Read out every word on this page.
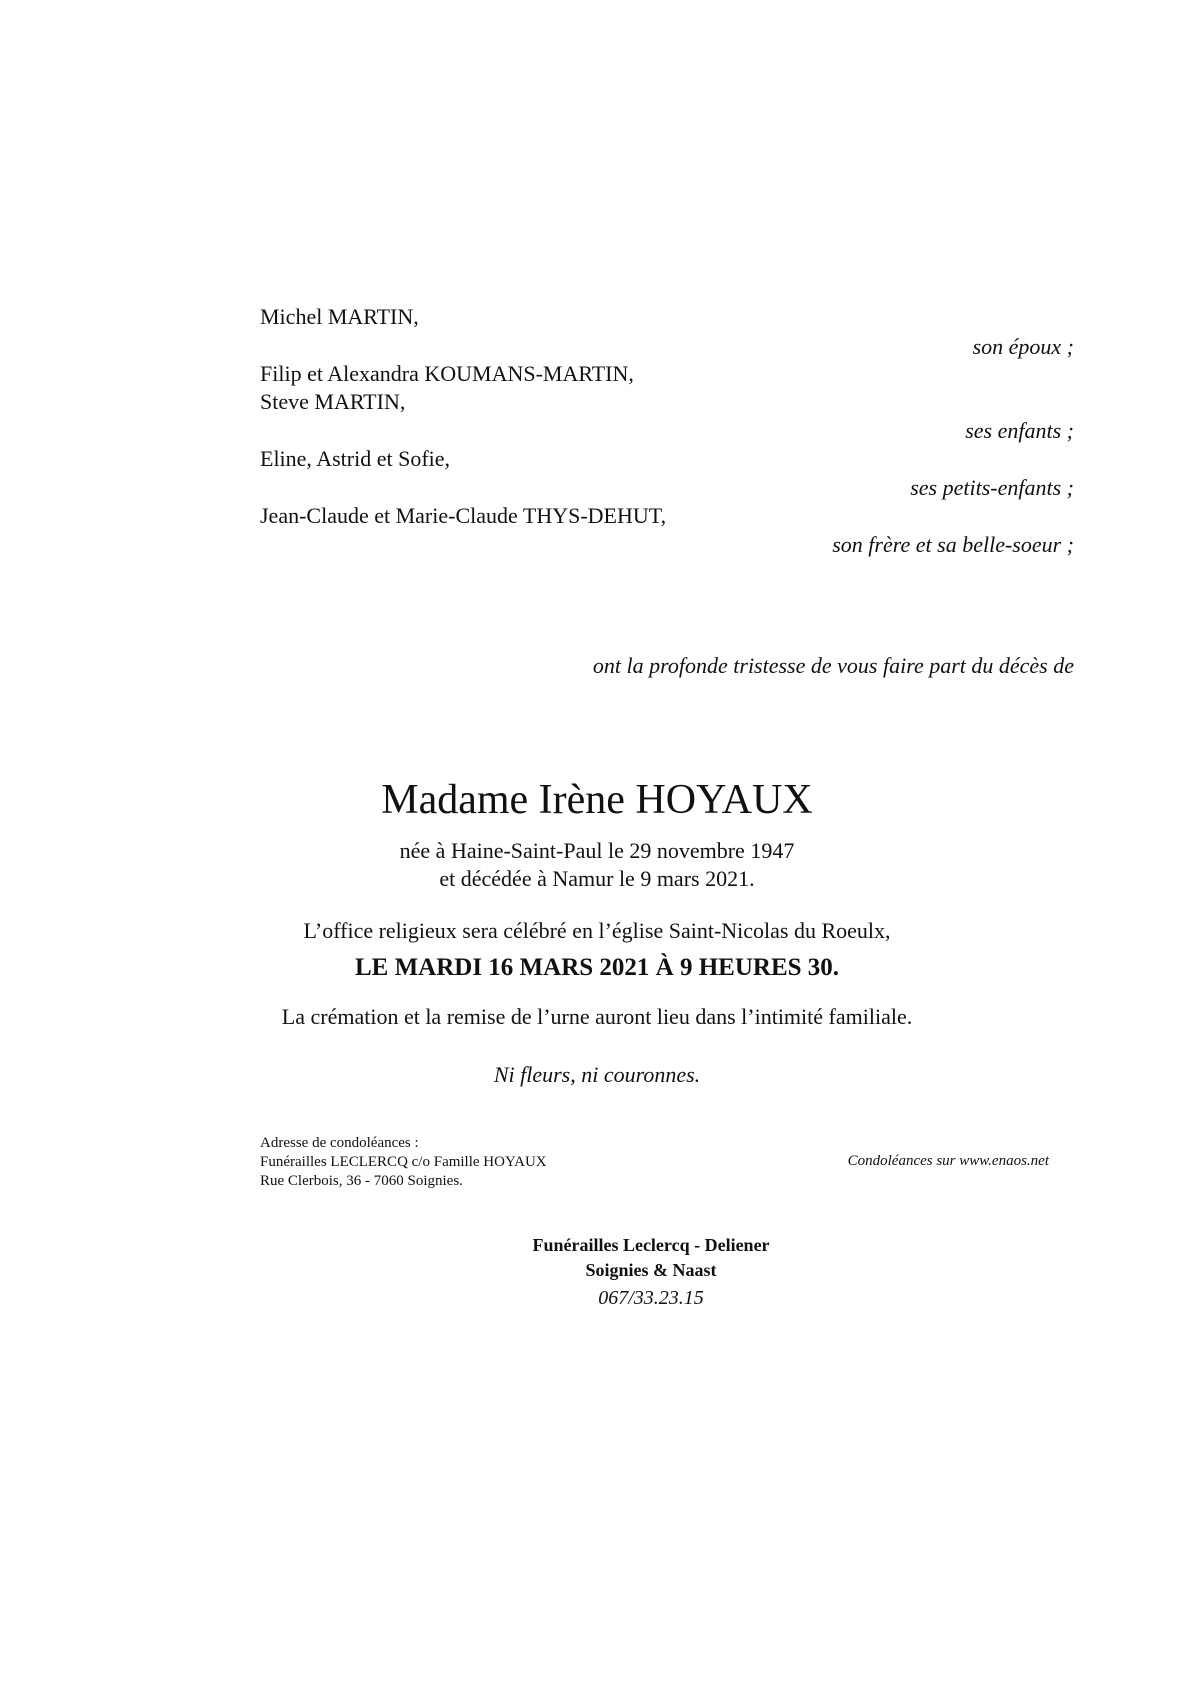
Michel MARTIN,
son époux ;
Filip et Alexandra KOUMANS-MARTIN,
Steve MARTIN,
ses enfants ;
Eline, Astrid et Sofie,
ses petits-enfants ;
Jean-Claude et Marie-Claude THYS-DEHUT,
son frère et sa belle-soeur ;
ont la profonde tristesse de vous faire part du décès de
Madame Irène HOYAUX
née à Haine-Saint-Paul le 29 novembre 1947
et décédée à Namur le 9 mars 2021.
L’office religieux sera célébré en l’église Saint-Nicolas du Roeulx,
LE MARDI 16 MARS 2021 À 9 HEURES 30.
La crémation et la remise de l’urne auront lieu dans l’intimité familiale.
Ni fleurs, ni couronnes.
Adresse de condoléances :
Funérailles LECLERCQ c/o Famille HOYAUX
Rue Clerbois, 36 - 7060 Soignies.
Condoléances sur www.enaos.net
Funérailles Leclercq - Deliener
Soignies & Naast
067/33.23.15
